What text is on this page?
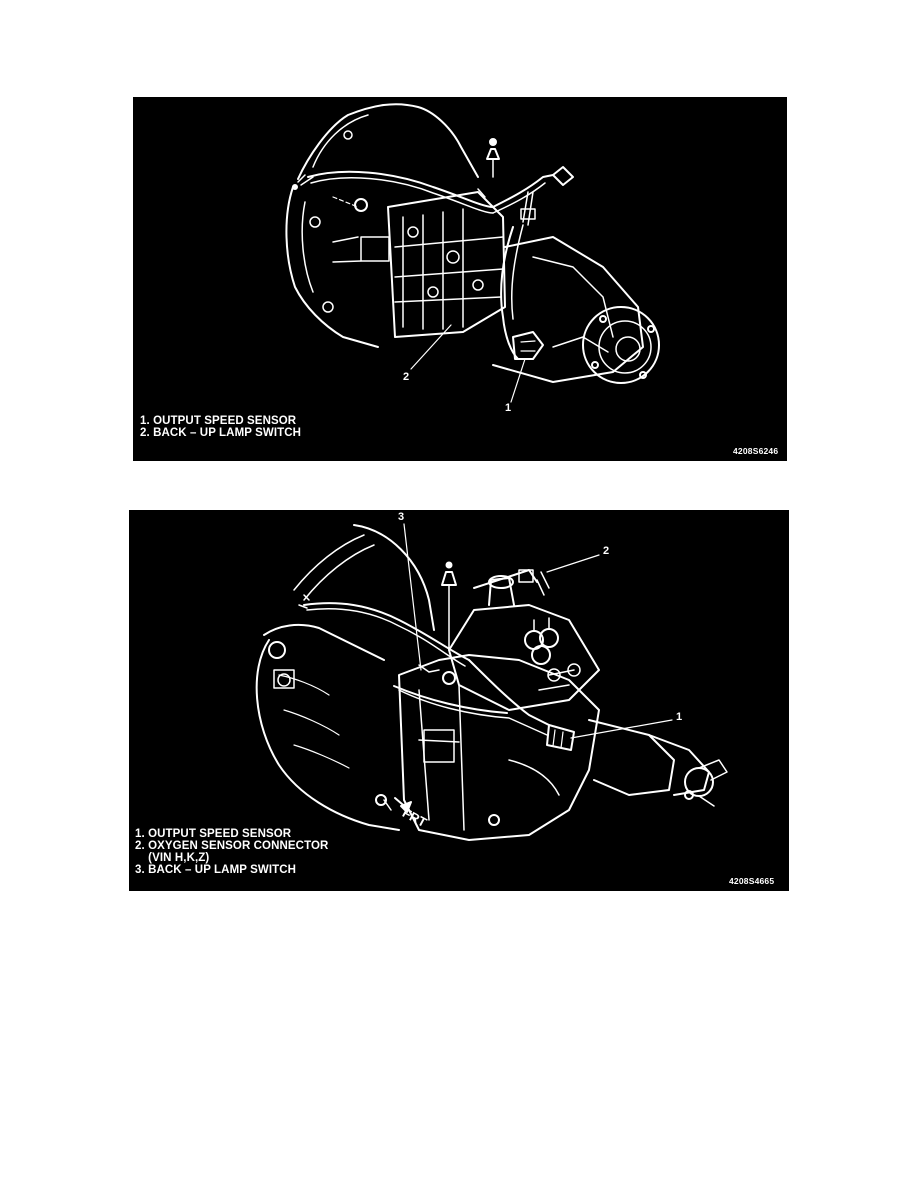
2
1
1. OUTPUT SPEED SENSOR
2. BACK – UP LAMP SWITCH
4208S6246
3
2
1
FRT
1. OUTPUT SPEED SENSOR
2. OXYGEN SENSOR CONNECTOR
(VIN H,K,Z)
3. BACK – UP LAMP SWITCH
4208S4665
